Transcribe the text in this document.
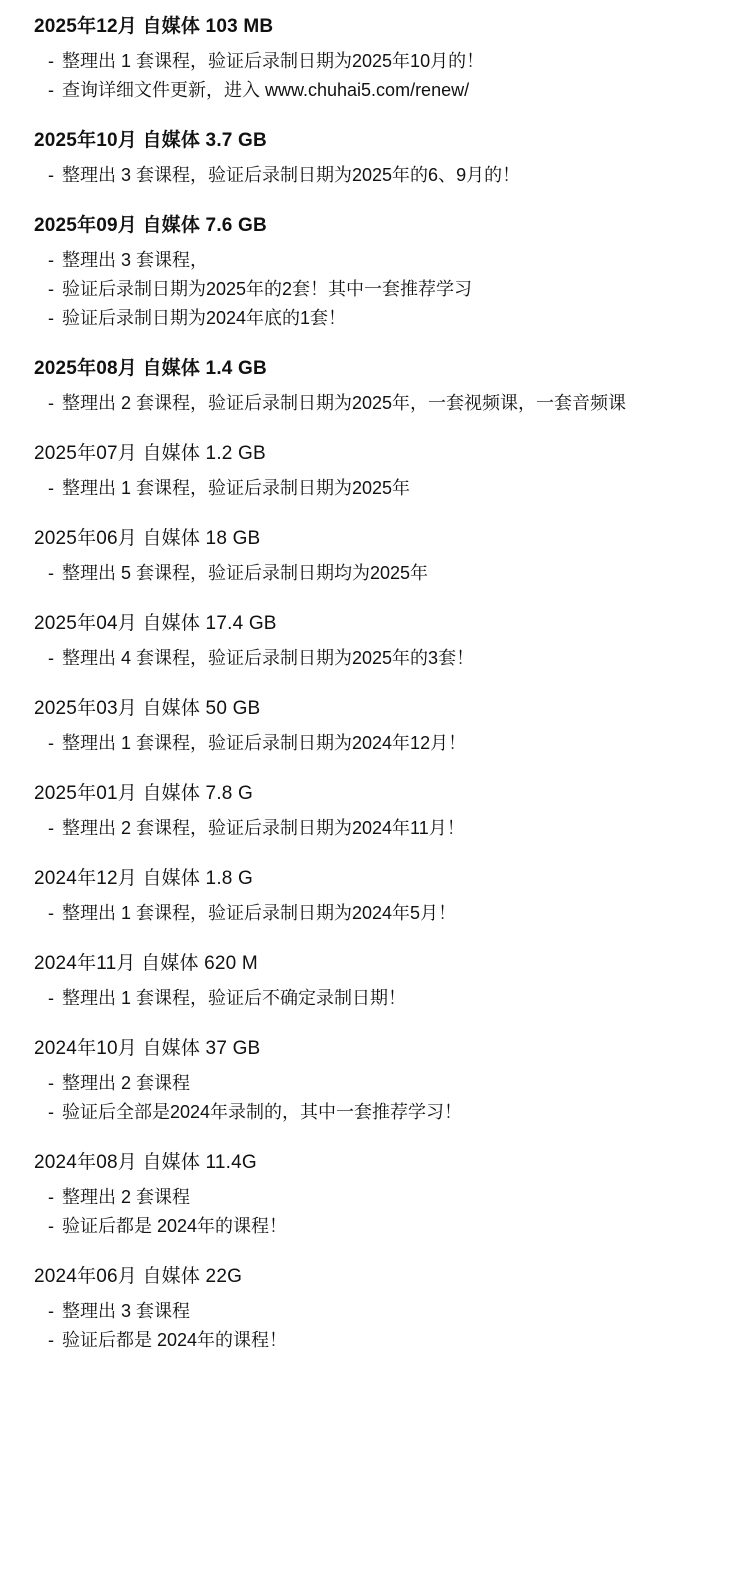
2025年12月 自媒体 103 MB
- 整理出 1 套课程，验证后录制日期为2025年10月的！
- 查询详细文件更新，进入 www.chuhai5.com/renew/
2025年10月 自媒体 3.7 GB
- 整理出 3 套课程，验证后录制日期为2025年的6、9月的！
2025年09月 自媒体 7.6 GB
- 整理出 3 套课程，
- 验证后录制日期为2025年的2套！其中一套推荐学习
- 验证后录制日期为2024年底的1套！
2025年08月 自媒体 1.4 GB
- 整理出 2 套课程，验证后录制日期为2025年，一套视频课，一套音频课
2025年07月 自媒体 1.2 GB
- 整理出 1 套课程，验证后录制日期为2025年
2025年06月 自媒体 18 GB
- 整理出 5 套课程，验证后录制日期均为2025年
2025年04月 自媒体 17.4 GB
- 整理出 4 套课程，验证后录制日期为2025年的3套！
2025年03月 自媒体 50 GB
- 整理出 1 套课程，验证后录制日期为2024年12月！
2025年01月 自媒体 7.8 G
- 整理出 2 套课程，验证后录制日期为2024年11月！
2024年12月 自媒体 1.8 G
- 整理出 1 套课程，验证后录制日期为2024年5月！
2024年11月 自媒体 620 M
- 整理出 1 套课程，验证后不确定录制日期！
2024年10月 自媒体 37 GB
- 整理出 2 套课程
- 验证后全部是2024年录制的，其中一套推荐学习！
2024年08月 自媒体 11.4G
- 整理出 2 套课程
- 验证后都是 2024年的课程！
2024年06月 自媒体 22G
- 整理出 3 套课程
- 验证后都是 2024年的课程！
